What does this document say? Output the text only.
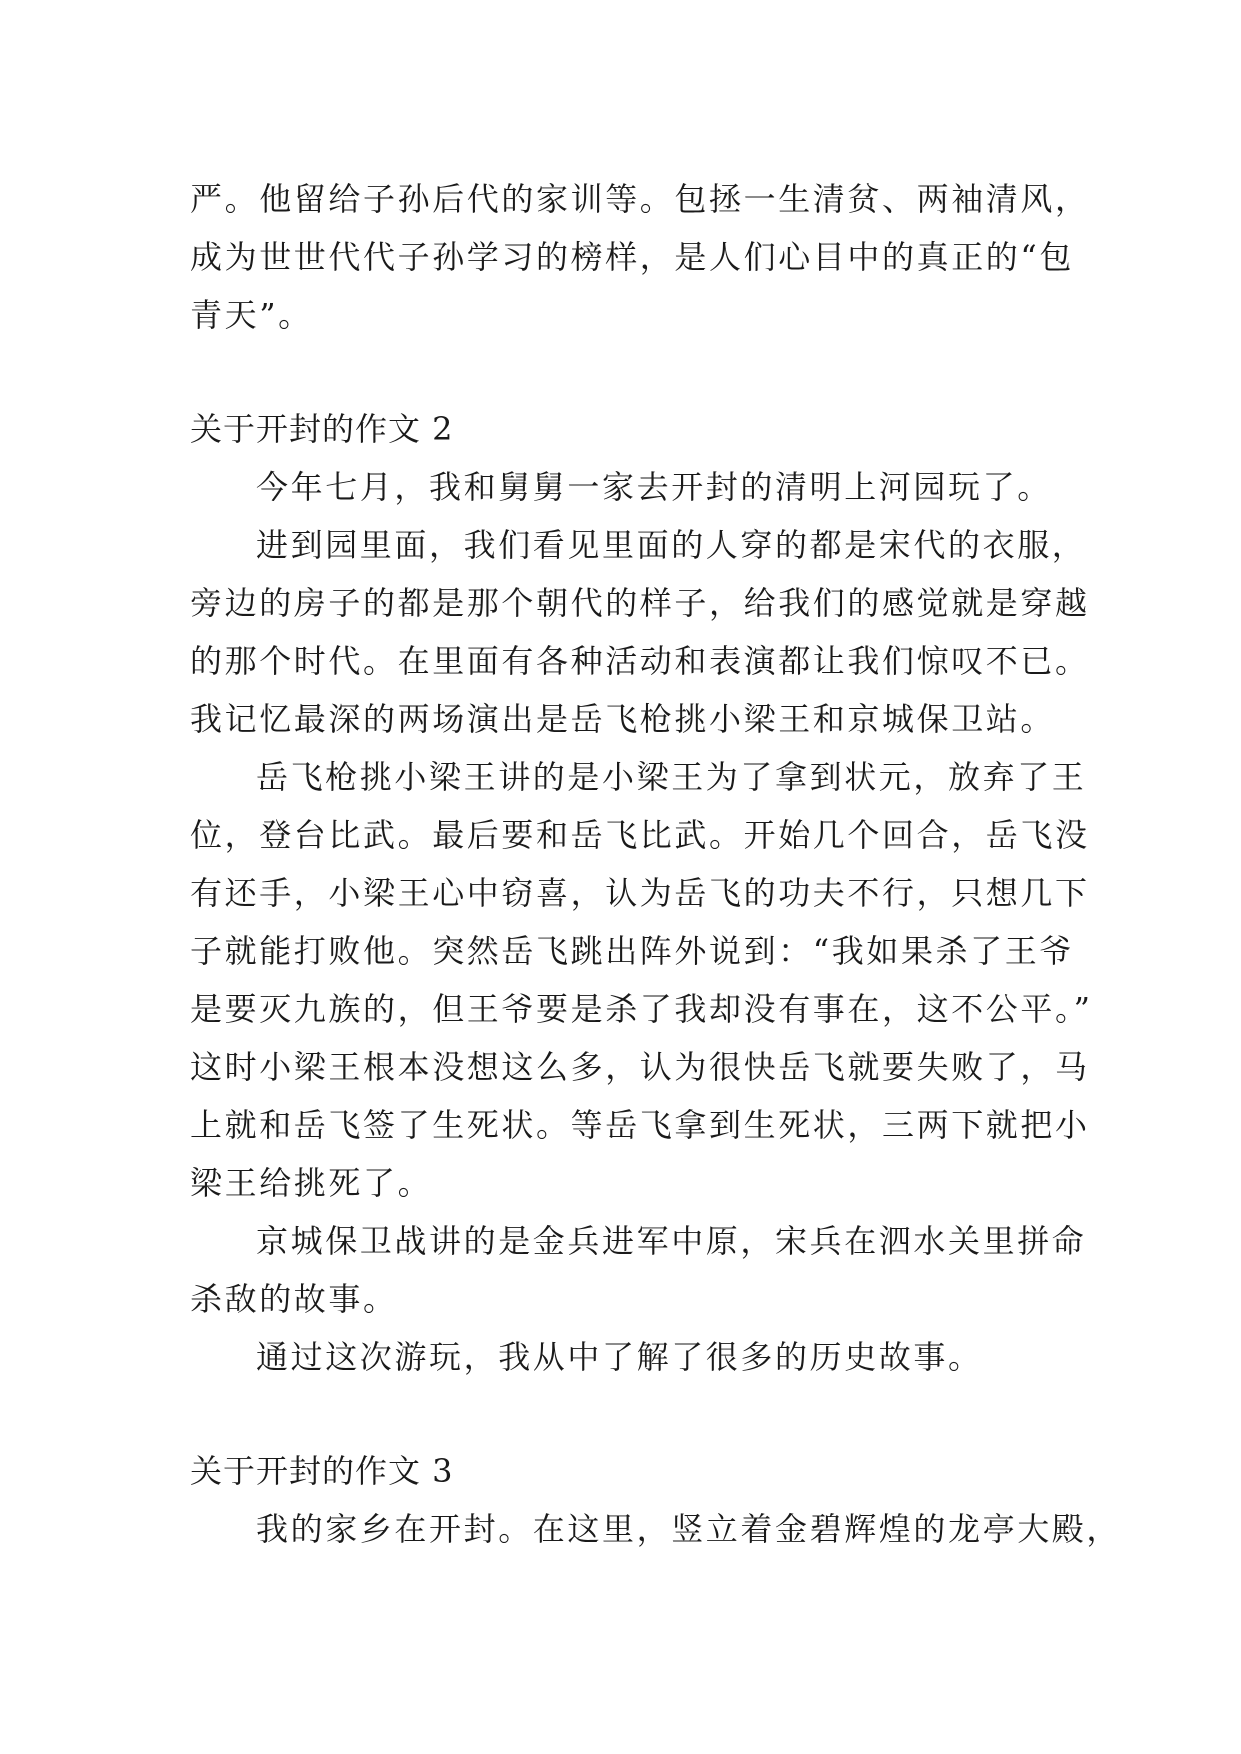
严。他留给子孙后代的家训等。包拯一生清贫、两袖清风，
成为世世代代子孙学习的榜样，是人们心目中的真正的“包
青天”。

关于开封的作文 2

今年七月，我和舅舅一家去开封的清明上河园玩了。

进到园里面，我们看见里面的人穿的都是宋代的衣服，
旁边的房子的都是那个朝代的样子，给我们的感觉就是穿越
的那个时代。在里面有各种活动和表演都让我们惊叹不已。
我记忆最深的两场演出是岳飞枪挑小梁王和京城保卫站。

岳飞枪挑小梁王讲的是小梁王为了拿到状元，放弃了王
位，登台比武。最后要和岳飞比武。开始几个回合，岳飞没
有还手，小梁王心中窃喜，认为岳飞的功夫不行，只想几下
子就能打败他。突然岳飞跳出阵外说到：“我如果杀了王爷
是要灭九族的，但王爷要是杀了我却没有事在，这不公平。”
这时小梁王根本没想这么多，认为很快岳飞就要失败了，马
上就和岳飞签了生死状。等岳飞拿到生死状，三两下就把小
梁王给挑死了。

京城保卫战讲的是金兵进军中原，宋兵在泗水关里拼命
杀敌的故事。

通过这次游玩，我从中了解了很多的历史故事。

关于开封的作文 3

我的家乡在开封。在这里，竖立着金碧辉煌的龙亭大殿，
